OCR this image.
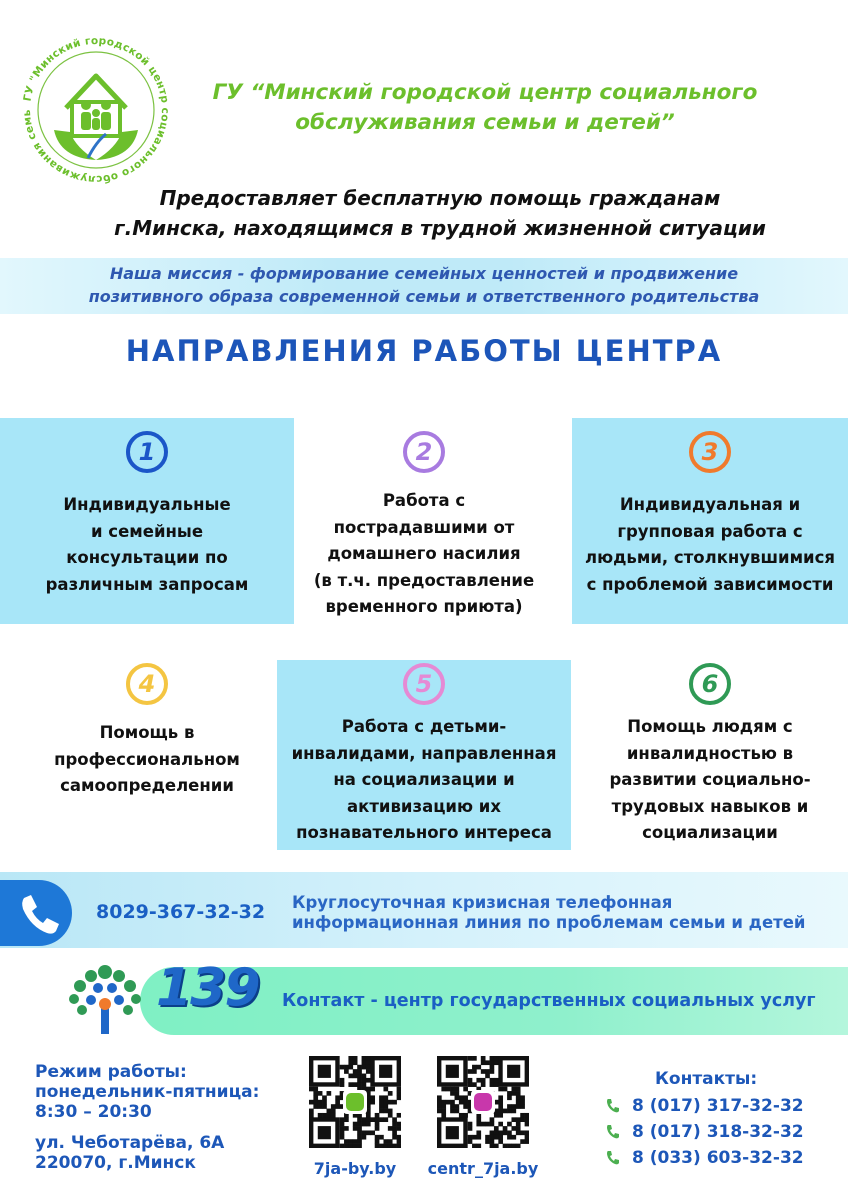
ГУ "Минский городской центр социального обслуживания семь
ГУ “Минский городской центр социального
обслуживания семьи и детей”
Предоставляет бесплатную помощь гражданам
г.Минска, находящимся в трудной жизненной ситуации
Наша миссия - формирование семейных ценностей и продвижение
позитивного образа современной семьи и ответственного родительства
НАПРАВЛЕНИЯ РАБОТЫ ЦЕНТРА
1
Индивидуальные
и семейные
консультации по
различным запросам
2
Работа с
пострадавшими от
домашнего насилия
(в т.ч. предоставление
временного приюта)
3
Индивидуальная и
групповая работа с
людьми, столкнувшимися
с проблемой зависимости
4
Помощь в
профессиональном
самоопределении
5
Работа с детьми-
инвалидами, направленная
на социализации и
активизацию их
познавательного интереса
6
Помощь людям с
инвалидностью в
развитии социально-
трудовых навыков и
социализации
8029-367-32-32 Круглосуточная кризисная телефонная
информационная линия по проблемам семьи и детей
139 Контакт - центр государственных социальных услуг
Режим работы:
понедельник-пятница:
8:30 – 20:30
ул. Чеботарёва, 6А
220070, г.Минск	7ja-by.by	centr_7ja.by
Контакты:
8 (017) 317-32-32
8 (017) 318-32-32
8 (033) 603-32-32
